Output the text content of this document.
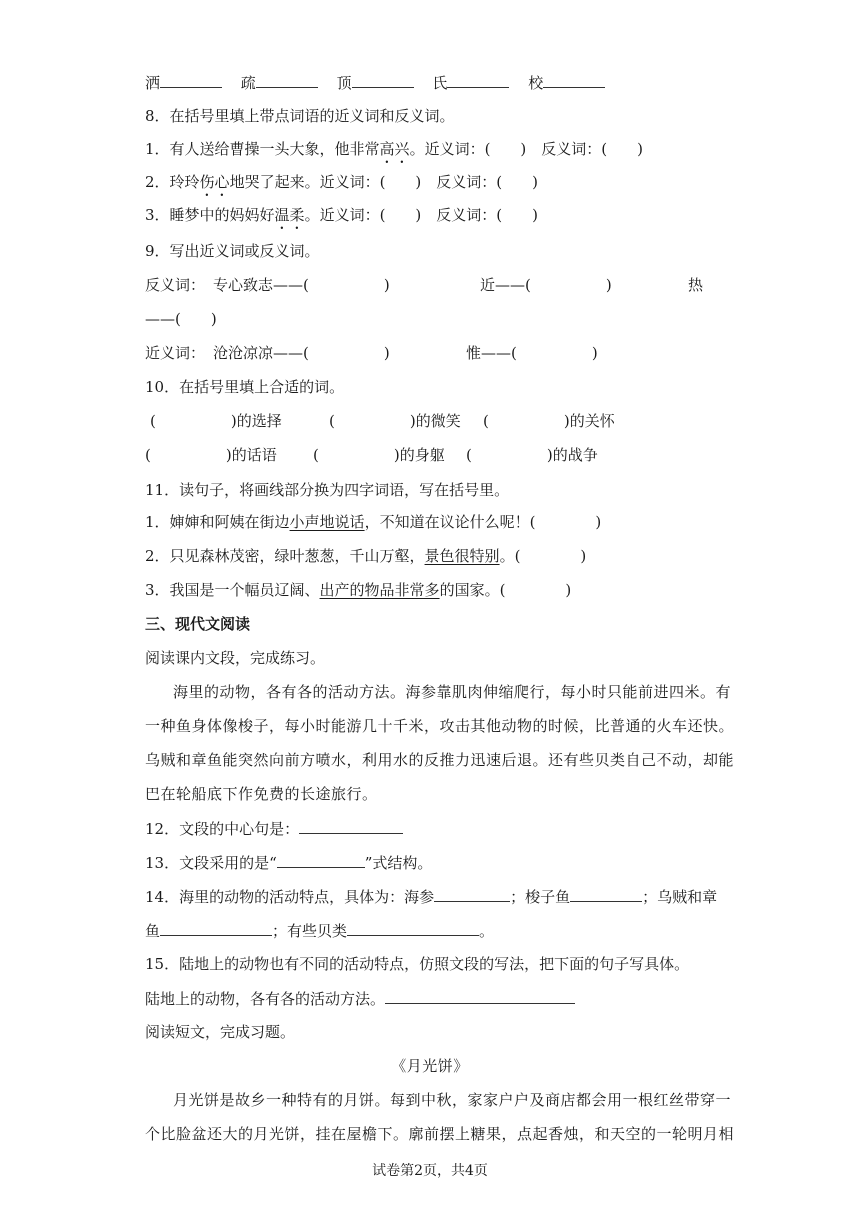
洒	疏	顶	氏	校
8．在括号里填上带点词语的近义词和反义词。
1．有人送给曹操一头大象，他非常高兴。近义词：(　　)　反义词：(　　)
2．玲玲伤心地哭了起来。近义词：(　　)　反义词：(　　)
3．睡梦中的妈妈好温柔。近义词：(　　)　反义词：(　　)
9．写出近义词或反义词。
反义词： 专心致志——(　　　　　)	近——(　　　　　)	热
——(　　)
近义词： 沧沧凉凉——(　　　　　)	惟——(　　　　　)
10．在括号里填上合适的词。
(　　　　　)的选择	(　　　　　)的微笑 (　　　　　)的关怀
(　　　　　)的话语 (　　　　　)的身躯 (　　　　　)的战争
11．读句子，将画线部分换为四字词语，写在括号里。
1．婶婶和阿姨在街边小声地说话，不知道在议论什么呢！(　　　　)
2．只见森林茂密，绿叶葱葱，千山万壑，景色很特别。(　　　　)
3．我国是一个幅员辽阔、出产的物品非常多的国家。(　　　　)
三、现代文阅读
阅读课内文段，完成练习。
海里的动物，各有各的活动方法。海参靠肌肉伸缩爬行，每小时只能前进四米。有
一种鱼身体像梭子，每小时能游几十千米，攻击其他动物的时候，比普通的火车还快。
乌贼和章鱼能突然向前方喷水，利用水的反推力迅速后退。还有些贝类自己不动，却能
巴在轮船底下作免费的长途旅行。
12．文段的中心句是：
13．文段采用的是“	”式结构。
14．海里的动物的活动特点，具体为：海参	；梭子鱼	；乌贼和章
鱼	；有些贝类	。
15．陆地上的动物也有不同的活动特点，仿照文段的写法，把下面的句子写具体。
陆地上的动物，各有各的活动方法。
阅读短文，完成习题。
《月光饼》
月光饼是故乡一种特有的月饼。每到中秋，家家户户及商店都会用一根红丝带穿一
个比脸盆还大的月光饼，挂在屋檐下。廓前摆上糖果，点起香烛，和天空的一轮明月相
试卷第2页，共4页
